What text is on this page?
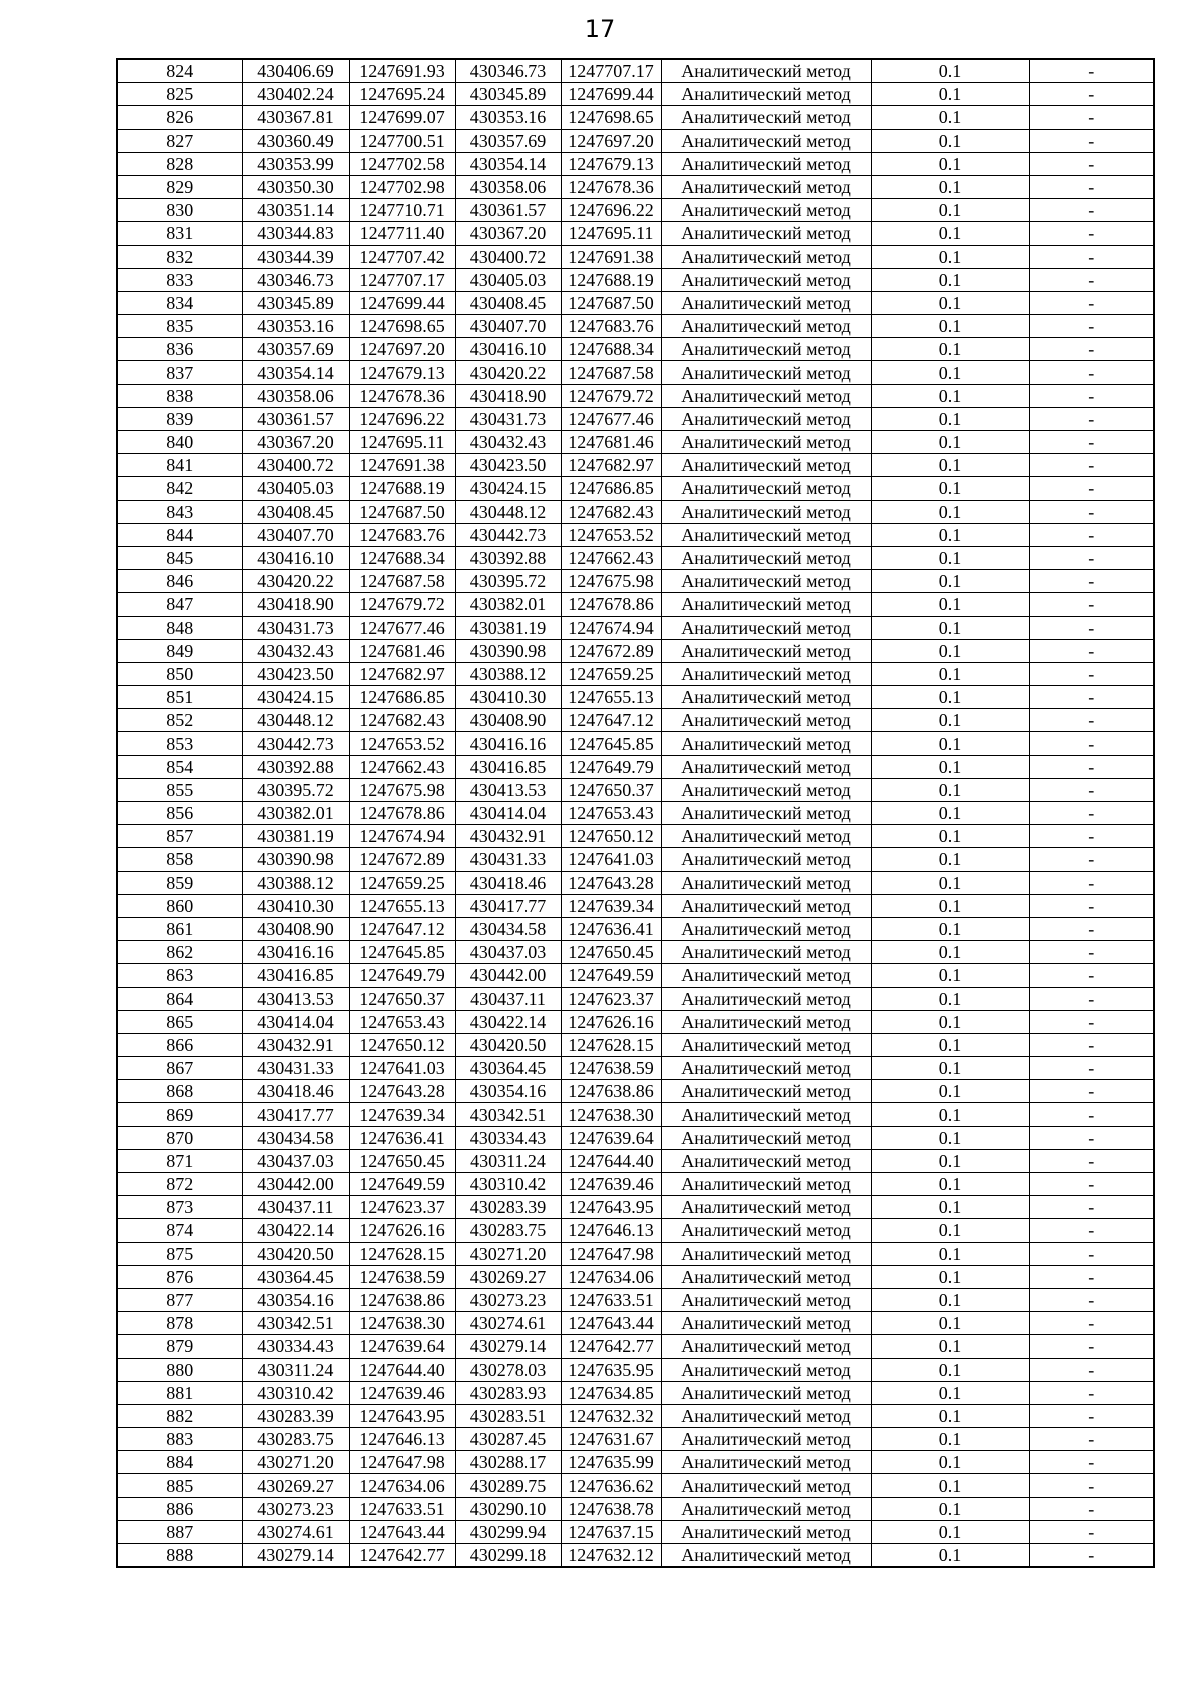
17
824	430406.69	1247691.93	430346.73	1247707.17	Аналитический метод	0.1	-
825	430402.24	1247695.24	430345.89	1247699.44	Аналитический метод	0.1	-
826	430367.81	1247699.07	430353.16	1247698.65	Аналитический метод	0.1	-
827	430360.49	1247700.51	430357.69	1247697.20	Аналитический метод	0.1	-
828	430353.99	1247702.58	430354.14	1247679.13	Аналитический метод	0.1	-
829	430350.30	1247702.98	430358.06	1247678.36	Аналитический метод	0.1	-
830	430351.14	1247710.71	430361.57	1247696.22	Аналитический метод	0.1	-
831	430344.83	1247711.40	430367.20	1247695.11	Аналитический метод	0.1	-
832	430344.39	1247707.42	430400.72	1247691.38	Аналитический метод	0.1	-
833	430346.73	1247707.17	430405.03	1247688.19	Аналитический метод	0.1	-
834	430345.89	1247699.44	430408.45	1247687.50	Аналитический метод	0.1	-
835	430353.16	1247698.65	430407.70	1247683.76	Аналитический метод	0.1	-
836	430357.69	1247697.20	430416.10	1247688.34	Аналитический метод	0.1	-
837	430354.14	1247679.13	430420.22	1247687.58	Аналитический метод	0.1	-
838	430358.06	1247678.36	430418.90	1247679.72	Аналитический метод	0.1	-
839	430361.57	1247696.22	430431.73	1247677.46	Аналитический метод	0.1	-
840	430367.20	1247695.11	430432.43	1247681.46	Аналитический метод	0.1	-
841	430400.72	1247691.38	430423.50	1247682.97	Аналитический метод	0.1	-
842	430405.03	1247688.19	430424.15	1247686.85	Аналитический метод	0.1	-
843	430408.45	1247687.50	430448.12	1247682.43	Аналитический метод	0.1	-
844	430407.70	1247683.76	430442.73	1247653.52	Аналитический метод	0.1	-
845	430416.10	1247688.34	430392.88	1247662.43	Аналитический метод	0.1	-
846	430420.22	1247687.58	430395.72	1247675.98	Аналитический метод	0.1	-
847	430418.90	1247679.72	430382.01	1247678.86	Аналитический метод	0.1	-
848	430431.73	1247677.46	430381.19	1247674.94	Аналитический метод	0.1	-
849	430432.43	1247681.46	430390.98	1247672.89	Аналитический метод	0.1	-
850	430423.50	1247682.97	430388.12	1247659.25	Аналитический метод	0.1	-
851	430424.15	1247686.85	430410.30	1247655.13	Аналитический метод	0.1	-
852	430448.12	1247682.43	430408.90	1247647.12	Аналитический метод	0.1	-
853	430442.73	1247653.52	430416.16	1247645.85	Аналитический метод	0.1	-
854	430392.88	1247662.43	430416.85	1247649.79	Аналитический метод	0.1	-
855	430395.72	1247675.98	430413.53	1247650.37	Аналитический метод	0.1	-
856	430382.01	1247678.86	430414.04	1247653.43	Аналитический метод	0.1	-
857	430381.19	1247674.94	430432.91	1247650.12	Аналитический метод	0.1	-
858	430390.98	1247672.89	430431.33	1247641.03	Аналитический метод	0.1	-
859	430388.12	1247659.25	430418.46	1247643.28	Аналитический метод	0.1	-
860	430410.30	1247655.13	430417.77	1247639.34	Аналитический метод	0.1	-
861	430408.90	1247647.12	430434.58	1247636.41	Аналитический метод	0.1	-
862	430416.16	1247645.85	430437.03	1247650.45	Аналитический метод	0.1	-
863	430416.85	1247649.79	430442.00	1247649.59	Аналитический метод	0.1	-
864	430413.53	1247650.37	430437.11	1247623.37	Аналитический метод	0.1	-
865	430414.04	1247653.43	430422.14	1247626.16	Аналитический метод	0.1	-
866	430432.91	1247650.12	430420.50	1247628.15	Аналитический метод	0.1	-
867	430431.33	1247641.03	430364.45	1247638.59	Аналитический метод	0.1	-
868	430418.46	1247643.28	430354.16	1247638.86	Аналитический метод	0.1	-
869	430417.77	1247639.34	430342.51	1247638.30	Аналитический метод	0.1	-
870	430434.58	1247636.41	430334.43	1247639.64	Аналитический метод	0.1	-
871	430437.03	1247650.45	430311.24	1247644.40	Аналитический метод	0.1	-
872	430442.00	1247649.59	430310.42	1247639.46	Аналитический метод	0.1	-
873	430437.11	1247623.37	430283.39	1247643.95	Аналитический метод	0.1	-
874	430422.14	1247626.16	430283.75	1247646.13	Аналитический метод	0.1	-
875	430420.50	1247628.15	430271.20	1247647.98	Аналитический метод	0.1	-
876	430364.45	1247638.59	430269.27	1247634.06	Аналитический метод	0.1	-
877	430354.16	1247638.86	430273.23	1247633.51	Аналитический метод	0.1	-
878	430342.51	1247638.30	430274.61	1247643.44	Аналитический метод	0.1	-
879	430334.43	1247639.64	430279.14	1247642.77	Аналитический метод	0.1	-
880	430311.24	1247644.40	430278.03	1247635.95	Аналитический метод	0.1	-
881	430310.42	1247639.46	430283.93	1247634.85	Аналитический метод	0.1	-
882	430283.39	1247643.95	430283.51	1247632.32	Аналитический метод	0.1	-
883	430283.75	1247646.13	430287.45	1247631.67	Аналитический метод	0.1	-
884	430271.20	1247647.98	430288.17	1247635.99	Аналитический метод	0.1	-
885	430269.27	1247634.06	430289.75	1247636.62	Аналитический метод	0.1	-
886	430273.23	1247633.51	430290.10	1247638.78	Аналитический метод	0.1	-
887	430274.61	1247643.44	430299.94	1247637.15	Аналитический метод	0.1	-
888	430279.14	1247642.77	430299.18	1247632.12	Аналитический метод	0.1	-
